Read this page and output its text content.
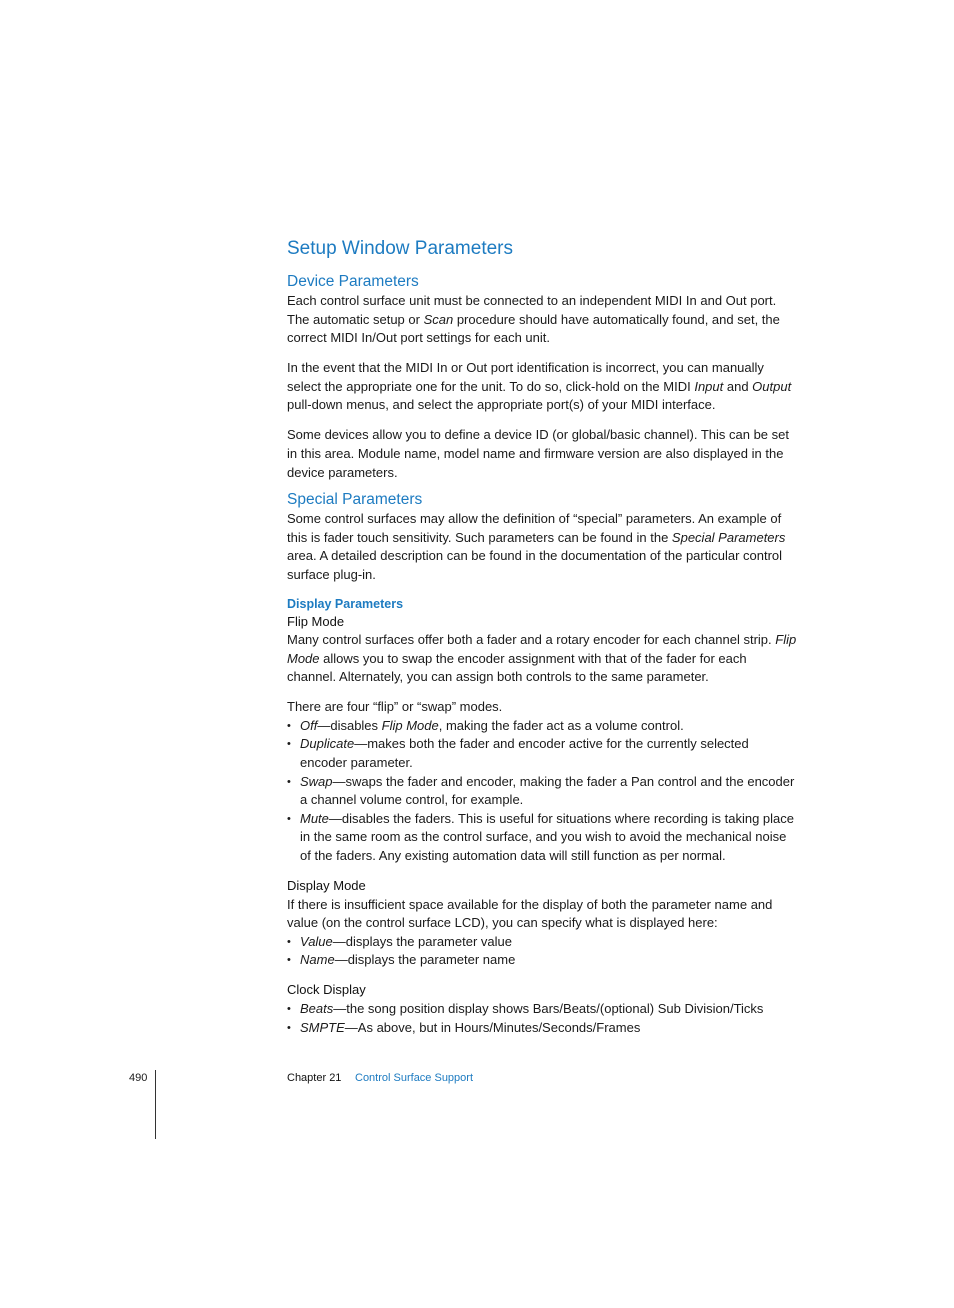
Setup Window Parameters
Device Parameters

Each control surface unit must be connected to an independent MIDI In and Out port. The automatic setup or Scan procedure should have automatically found, and set, the correct MIDI In/Out port settings for each unit.

In the event that the MIDI In or Out port identification is incorrect, you can manually select the appropriate one for the unit. To do so, click-hold on the MIDI Input and Output pull-down menus, and select the appropriate port(s) of your MIDI interface.

Some devices allow you to define a device ID (or global/basic channel). This can be set in this area. Module name, model name and firmware version are also displayed in the device parameters.

Special Parameters

Some control surfaces may allow the definition of “special” parameters. An example of this is fader touch sensitivity. Such parameters can be found in the Special Parameters area. A detailed description can be found in the documentation of the particular control surface plug-in.

Display Parameters
Flip Mode

Many control surfaces offer both a fader and a rotary encoder for each channel strip. Flip Mode allows you to swap the encoder assignment with that of the fader for each channel. Alternately, you can assign both controls to the same parameter.

There are four “flip” or “swap” modes.

• Off—disables Flip Mode, making the fader act as a volume control.
• Duplicate—makes both the fader and encoder active for the currently selected encoder parameter.
• Swap—swaps the fader and encoder, making the fader a Pan control and the encoder a channel volume control, for example.
• Mute—disables the faders. This is useful for situations where recording is taking place in the same room as the control surface, and you wish to avoid the mechanical noise of the faders. Any existing automation data will still function as per normal.
Display Mode

If there is insufficient space available for the display of both the parameter name and value (on the control surface LCD), you can specify what is displayed here:

• Value—displays the parameter value
• Name—displays the parameter name
Clock Display
• Beats—the song position display shows Bars/Beats/(optional) Sub Division/Ticks
• SMPTE—As above, but in Hours/Minutes/Seconds/Frames
490	Chapter 21 Control Surface Support
